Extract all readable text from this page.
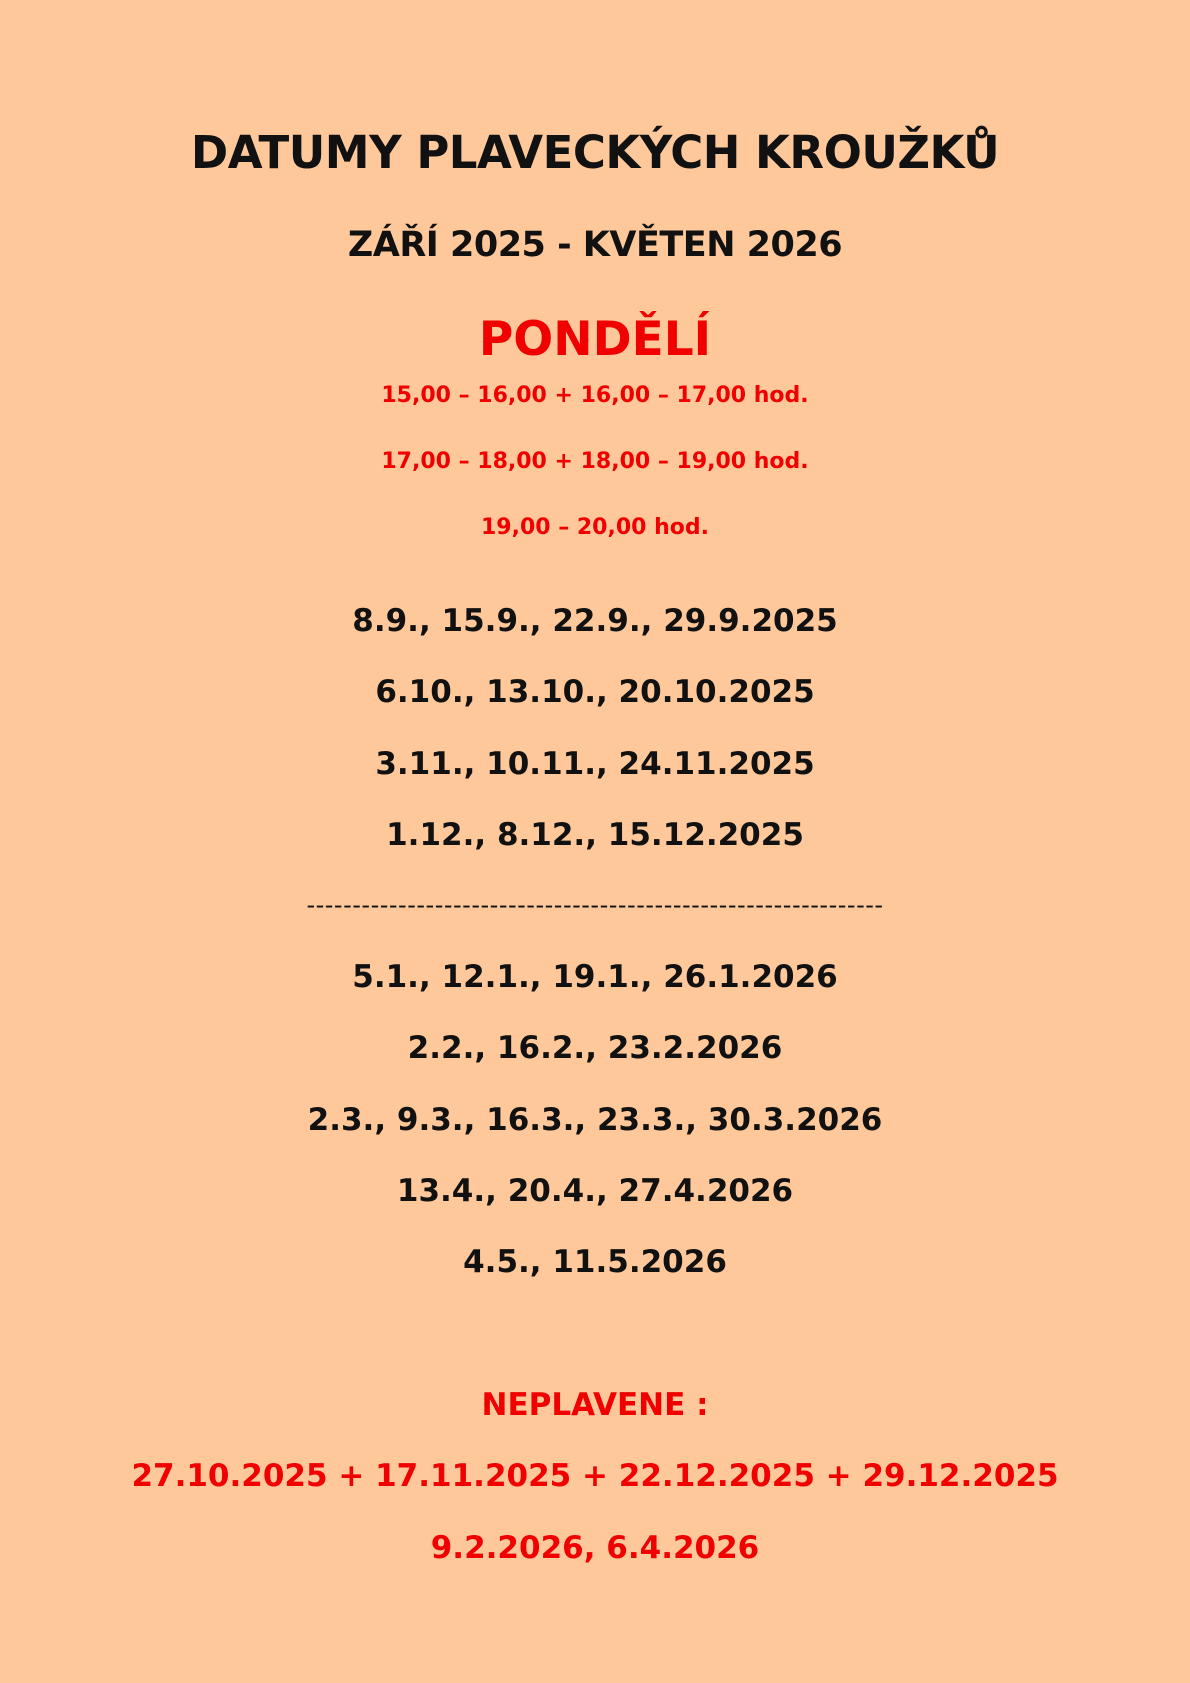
DATUMY PLAVECKÝCH KROUŽKŮ
ZÁŘÍ 2025 - KVĚTEN 2026
PONDĚLÍ
15,00 – 16,00 + 16,00 – 17,00 hod.
17,00 – 18,00 + 18,00 – 19,00 hod.
19,00 – 20,00 hod.
8.9., 15.9., 22.9., 29.9.2025
6.10., 13.10., 20.10.2025
3.11., 10.11., 24.11.2025
1.12., 8.12., 15.12.2025
---------------------------------------------------------------
5.1., 12.1., 19.1., 26.1.2026
2.2., 16.2., 23.2.2026
2.3., 9.3., 16.3., 23.3., 30.3.2026
13.4., 20.4., 27.4.2026
4.5., 11.5.2026
NEPLAVENE :
27.10.2025 + 17.11.2025 + 22.12.2025 + 29.12.2025
9.2.2026, 6.4.2026
